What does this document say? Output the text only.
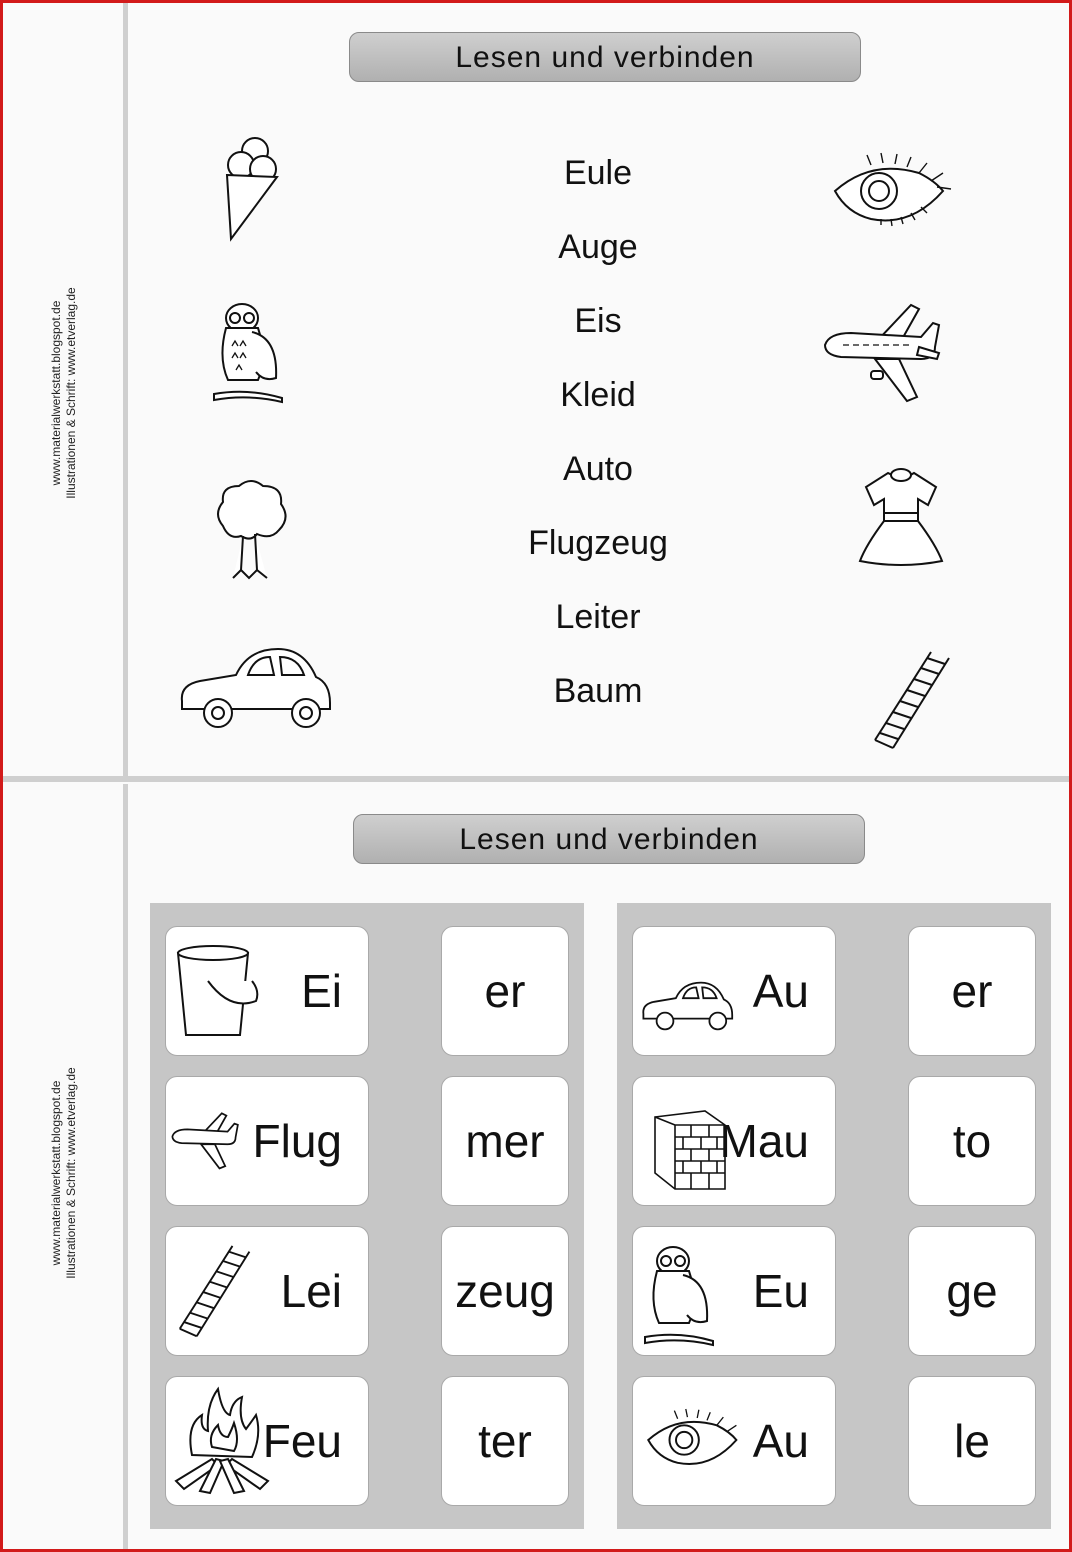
www.materialwerkstatt.blogspot.de Illustrationen & Schrift: www.etverlag.de
www.materialwerkstatt.blogspot.de Illustrationen & Schrift: www.etverlag.de
Lesen und verbinden
Eule
Auge
Eis
Kleid
Auto
Flugzeug
Leiter
Baum
Lesen und verbinden
Ei
Flug
Lei
Feu
er
mer
zeug
ter
Au
Mau
Eu
Au
er
to
ge
le
